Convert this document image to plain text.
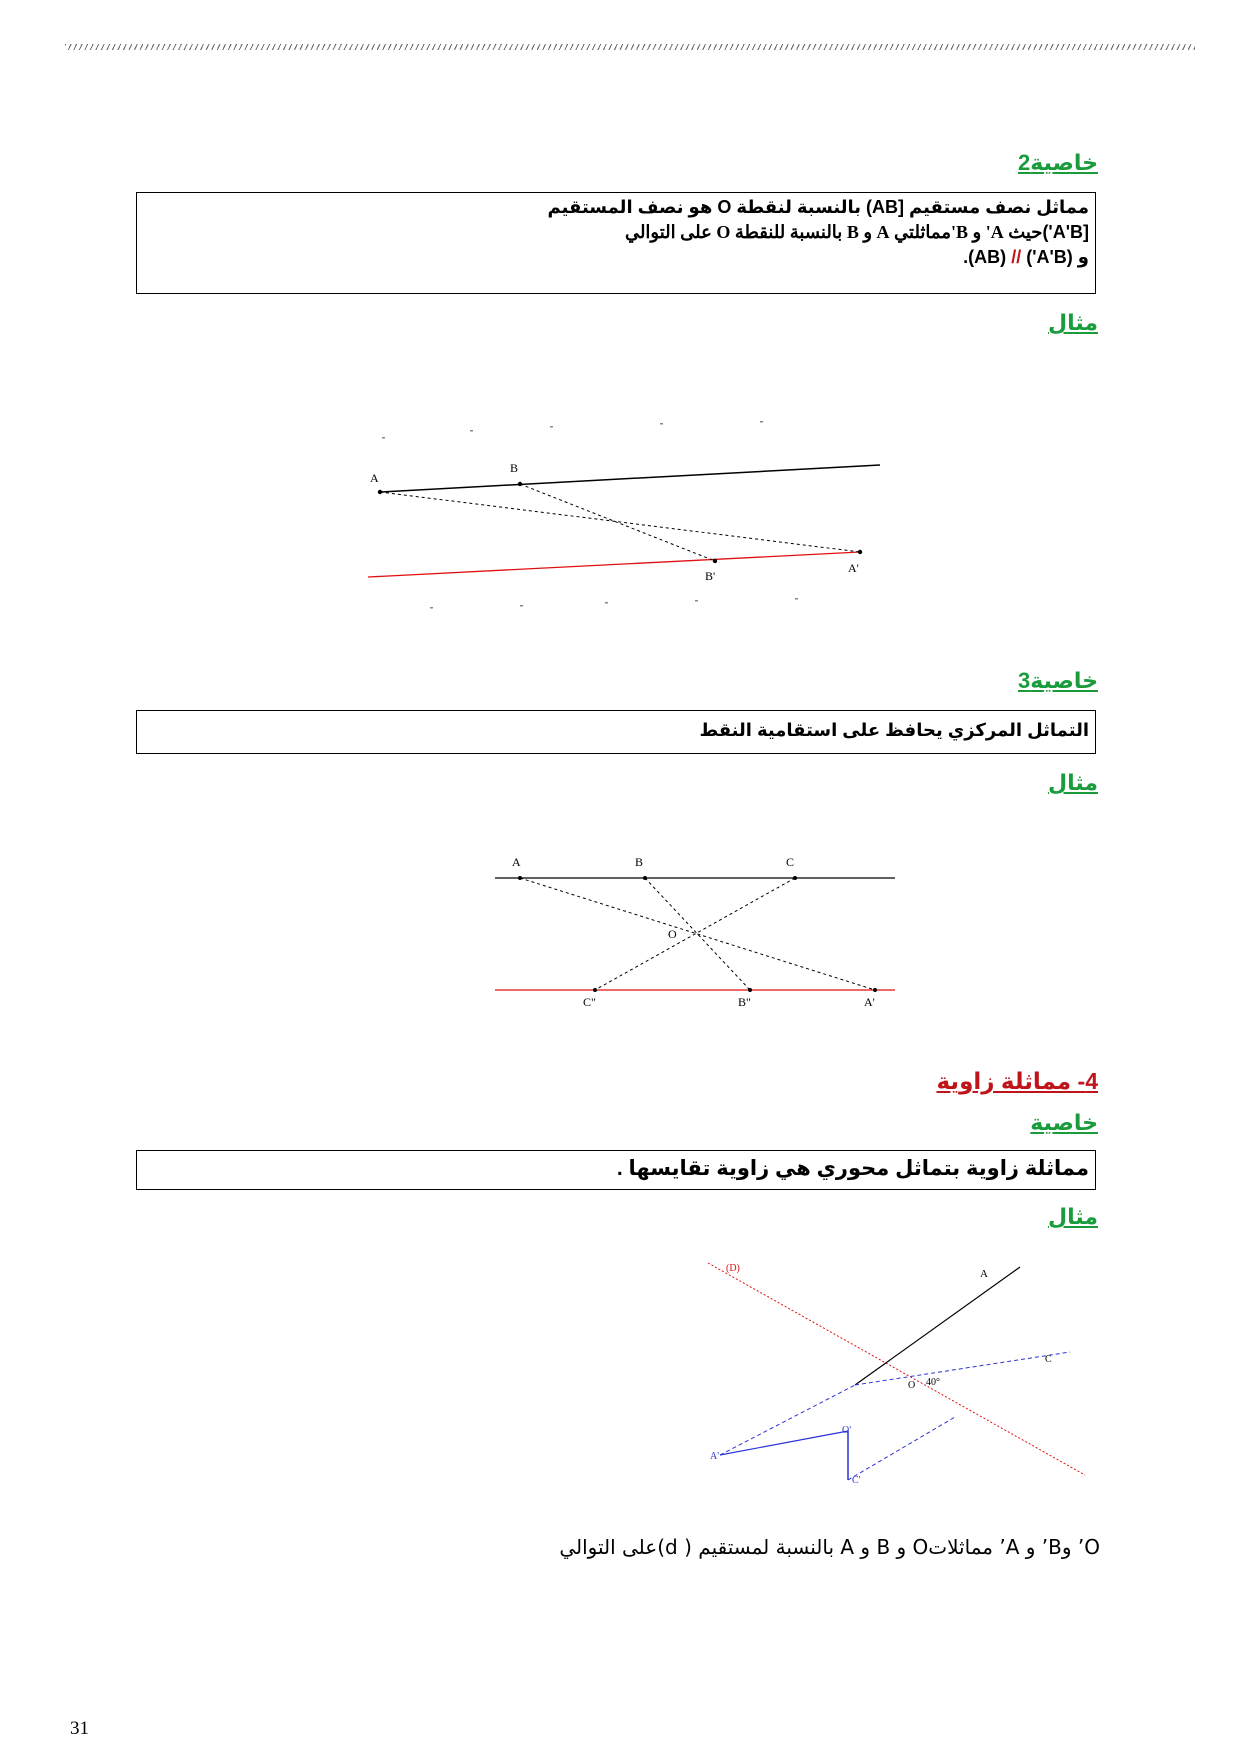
خاصية2
مماثل نصف مستقيم [AB) بالنسبة لنقطة O هو نصف المستقيم
[A'B')حيث A' و B'مماثلتي A و B بالنسبة للنقطة O على التوالي
و (A'B') // (AB).
مثال
A
B
A'
B'
خاصية3
التماثل المركزي يحافظ على استقامية النقط
مثال
A	B	C
O
C"	B"	A'
4- مماثلة زاوية
خاصية
مماثلة زاوية بتماثل محوري هي زاوية تقايسها .
مثال
(D)	A
O 40°
C
A'
O'
C'
O’ وB’ و A’ مماثلاتO و B و A بالنسبة لمستقيم ( d)على التوالي
31
